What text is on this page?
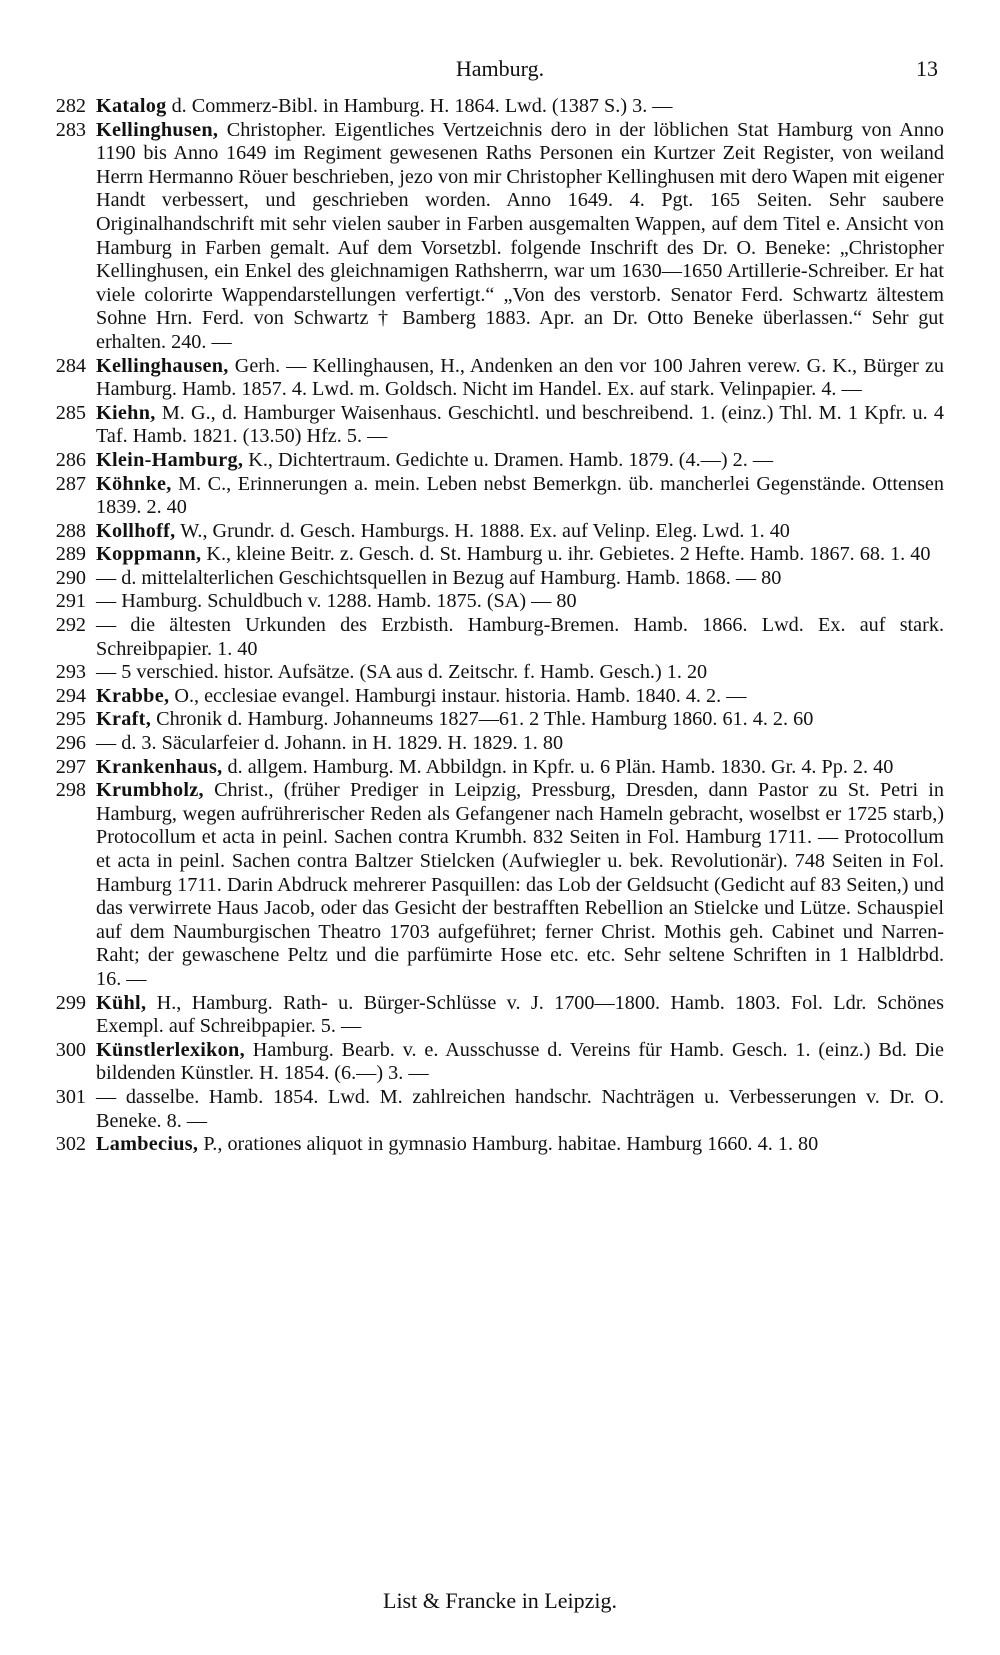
Hamburg.	13
282 Katalog d. Commerz-Bibl. in Hamburg. H. 1864. Lwd. (1387 S.) 3. —
283 Kellinghusen, Christopher. Eigentliches Vertzeichnis dero in der löblichen Stat Hamburg von Anno 1190 bis Anno 1649 im Regiment gewesenen Raths Personen ein Kurtzer Zeit Register, von weiland Herrn Hermanno Röuer beschrieben, jezo von mir Christopher Kellinghusen mit dero Wapen mit eigener Handt verbessert, und geschrieben worden. Anno 1649. 4. Pgt. 165 Seiten. Sehr saubere Originalhandschrift mit sehr vielen sauber in Farben ausgemalten Wappen, auf dem Titel e. Ansicht von Hamburg in Farben gemalt. Auf dem Vorsetzbl. folgende Inschrift des Dr. O. Beneke: „Christopher Kellinghusen, ein Enkel des gleichnamigen Rathsherrn, war um 1630—1650 Artillerie-Schreiber. Er hat viele colorirte Wappendarstellungen verfertigt.“ „Von des verstorb. Senator Ferd. Schwartz ältestem Sohne Hrn. Ferd. von Schwartz † Bamberg 1883. Apr. an Dr. Otto Beneke überlassen.“ Sehr gut erhalten. 240. —
284 Kellinghausen, Gerh. — Kellinghausen, H., Andenken an den vor 100 Jahren verew. G. K., Bürger zu Hamburg. Hamb. 1857. 4. Lwd. m. Goldsch. Nicht im Handel. Ex. auf stark. Velinpapier. 4. —
285 Kiehn, M. G., d. Hamburger Waisenhaus. Geschichtl. und beschreibend. 1. (einz.) Thl. M. 1 Kpfr. u. 4 Taf. Hamb. 1821. (13.50) Hfz. 5. —
286 Klein-Hamburg, K., Dichtertraum. Gedichte u. Dramen. Hamb. 1879. (4.—) 2. —
287 Köhnke, M. C., Erinnerungen a. mein. Leben nebst Bemerkgn. üb. mancherlei Gegenstände. Ottensen 1839. 2. 40
288 Kollhoff, W., Grundr. d. Gesch. Hamburgs. H. 1888. Ex. auf Velinp. Eleg. Lwd. 1. 40
289 Koppmann, K., kleine Beitr. z. Gesch. d. St. Hamburg u. ihr. Gebietes. 2 Hefte. Hamb. 1867. 68. 1. 40
290 — d. mittelalterlichen Geschichtsquellen in Bezug auf Hamburg. Hamb. 1868. — 80
291 — Hamburg. Schuldbuch v. 1288. Hamb. 1875. (SA) — 80
292 — die ältesten Urkunden des Erzbisth. Hamburg-Bremen. Hamb. 1866. Lwd. Ex. auf stark. Schreibpapier. 1. 40
293 — 5 verschied. histor. Aufsätze. (SA aus d. Zeitschr. f. Hamb. Gesch.) 1. 20
294 Krabbe, O., ecclesiae evangel. Hamburgi instaur. historia. Hamb. 1840. 4. 2. —
295 Kraft, Chronik d. Hamburg. Johanneums 1827—61. 2 Thle. Hamburg 1860. 61. 4. 2. 60
296 — d. 3. Säcularfeier d. Johann. in H. 1829. H. 1829. 1. 80
297 Krankenhaus, d. allgem. Hamburg. M. Abbildgn. in Kpfr. u. 6 Plän. Hamb. 1830. Gr. 4. Pp. 2. 40
298 Krumbholz, Christ., (früher Prediger in Leipzig, Pressburg, Dresden, dann Pastor zu St. Petri in Hamburg, wegen aufrührerischer Reden als Gefangener nach Hameln gebracht, woselbst er 1725 starb,) Protocollum et acta in peinl. Sachen contra Krumbh. 832 Seiten in Fol. Hamburg 1711. — Protocollum et acta in peinl. Sachen contra Baltzer Stielcken (Aufwiegler u. bek. Revolutionär). 748 Seiten in Fol. Hamburg 1711. Darin Abdruck mehrerer Pasquillen: das Lob der Geldsucht (Gedicht auf 83 Seiten,) und das verwirrete Haus Jacob, oder das Gesicht der bestrafften Rebellion an Stielcke und Lütze. Schauspiel auf dem Naumburgischen Theatro 1703 aufgeführet; ferner Christ. Mothis geh. Cabinet und Narren-Raht; der gewaschene Peltz und die parfümirte Hose etc. etc. Sehr seltene Schriften in 1 Halbldrbd. 16. —
299 Kühl, H., Hamburg. Rath- u. Bürger-Schlüsse v. J. 1700—1800. Hamb. 1803. Fol. Ldr. Schönes Exempl. auf Schreibpapier. 5. —
300 Künstlerlexikon, Hamburg. Bearb. v. e. Ausschusse d. Vereins für Hamb. Gesch. 1. (einz.) Bd. Die bildenden Künstler. H. 1854. (6.—) 3. —
301 — dasselbe. Hamb. 1854. Lwd. M. zahlreichen handschr. Nachträgen u. Verbesserungen v. Dr. O. Beneke. 8. —
302 Lambecius, P., orationes aliquot in gymnasio Hamburg. habitae. Hamburg 1660. 4. 1. 80
List & Francke in Leipzig.
